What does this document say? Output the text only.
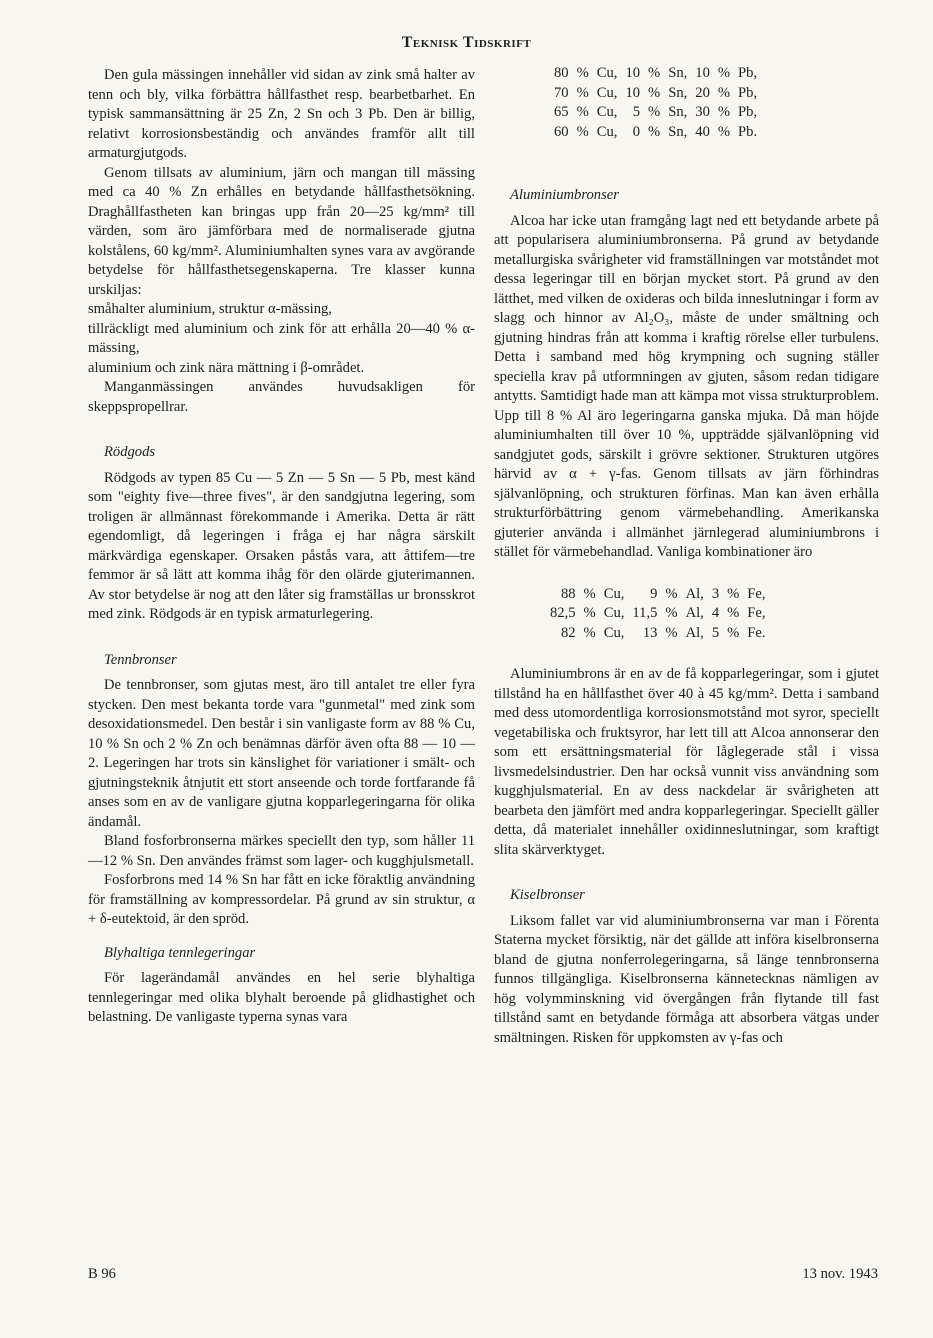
Teknisk Tidskrift

Den gula mässingen innehåller vid sidan av zink små halter av tenn och bly, vilka förbättra hållfasthet resp. bearbetbarhet. En typisk sammansättning är 25 Zn, 2 Sn och 3 Pb. Den är billig, relativt korrosionsbeständig och användes framför allt till armaturgjutgods.

Genom tillsats av aluminium, järn och mangan till mässing med ca 40 % Zn erhålles en betydande hållfasthetsökning. Draghållfastheten kan bringas upp från 20—25 kg/mm² till värden, som äro jämförbara med de normaliserade gjutna kolstålens, 60 kg/mm². Aluminiumhalten synes vara av avgörande betydelse för hållfasthetsegenskaperna. Tre klasser kunna urskiljas:

småhalter aluminium, struktur α-mässing,
tillräckligt med aluminium och zink för att erhålla 20—40 % α-mässing,
aluminium och zink nära mättning i β-området.

Manganmässingen användes huvudsakligen för skeppspropellrar.

Rödgods

Rödgods av typen 85 Cu — 5 Zn — 5 Sn — 5 Pb, mest känd som "eighty five—three fives", är den sandgjutna legering, som troligen är allmännast förekommande i Amerika. Detta är rätt egendomligt, då legeringen i fråga ej har några särskilt märkvärdiga egenskaper. Orsaken påstås vara, att åttifem—tre femmor är så lätt att komma ihåg för den olärde gjuterimannen. Av stor betydelse är nog att den låter sig framställas ur bronsskrot med zink. Rödgods är en typisk armaturlegering.

Tennbronser

De tennbronser, som gjutas mest, äro till antalet tre eller fyra stycken. Den mest bekanta torde vara "gunmetal" med zink som desoxidationsmedel. Den består i sin vanligaste form av 88 % Cu, 10 % Sn och 2 % Zn och benämnas därför även ofta 88 — 10 — 2. Legeringen har trots sin känslighet för variationer i smält- och gjutningsteknik åtnjutit ett stort anseende och torde fortfarande få anses som en av de vanligare gjutna kopparlegeringarna för olika ändamål.

Bland fosforbronserna märkes speciellt den typ, som håller 11—12 % Sn. Den användes främst som lager- och kugghjulsmetall.

Fosforbrons med 14 % Sn har fått en icke föraktlig användning för framställning av kompressordelar. På grund av sin struktur, α + δ-eutektoid, är den spröd.

Blyhaltiga tennlegeringar

För lagerändamål användes en hel serie blyhaltiga tennlegeringar med olika blyhalt beroende på glidhastighet och belastning. De vanligaste typerna synas vara

80	%	Cu,	10	%	Sn,	10	%	Pb,
70	%	Cu,	10	%	Sn,	20	%	Pb,
65	%	Cu,	5	%	Sn,	30	%	Pb,
60	%	Cu,	0	%	Sn,	40	%	Pb.
Aluminiumbronser

Alcoa har icke utan framgång lagt ned ett betydande arbete på att popularisera aluminiumbronserna. På grund av betydande metallurgiska svårigheter vid framställningen var motståndet mot dessa legeringar till en början mycket stort. På grund av den lätthet, med vilken de oxideras och bilda inneslutningar i form av slagg och hinnor av Al₂O₃, måste de under smältning och gjutning hindras från att komma i kraftig rörelse eller turbulens. Detta i samband med hög krympning och sugning ställer speciella krav på utformningen av gjuten, såsom redan tidigare antytts. Samtidigt hade man att kämpa mot vissa strukturproblem. Upp till 8 % Al äro legeringarna ganska mjuka. Då man höjde aluminiumhalten till över 10 %, uppträdde självanlöpning vid sandgjutet gods, särskilt i grövre sektioner. Strukturen utgöres härvid av α + γ-fas. Genom tillsats av järn förhindras självanlöpning, och strukturen förfinas. Man kan även erhålla strukturförbättring genom värmebehandling. Amerikanska gjuterier använda i allmänhet järnlegerad aluminiumbrons i stället för värmebehandlad. Vanliga kombinationer äro

88	%	Cu,	9	%	Al,	3	%	Fe,
82,5	%	Cu,	11,5	%	Al,	4	%	Fe,
82	%	Cu,	13	%	Al,	5	%	Fe.

Aluminiumbrons är en av de få kopparlegeringar, som i gjutet tillstånd ha en hållfasthet över 40 à 45 kg/mm². Detta i samband med dess utomordentliga korrosionsmotstånd mot syror, speciellt vegetabiliska och fruktsyror, har lett till att Alcoa annonserar den som ett ersättningsmaterial för låglegerade stål i vissa livsmedelsindustrier. Den har också vunnit viss användning som kugghjulsmaterial. En av dess nackdelar är svårigheten att bearbeta den jämfört med andra kopparlegeringar. Speciellt gäller detta, då materialet innehåller oxidinneslutningar, som kraftigt slita skärverktyget.

Kiselbronser

Liksom fallet var vid aluminiumbronserna var man i Förenta Staterna mycket försiktig, när det gällde att införa kiselbronserna bland de gjutna nonferrolegeringarna, så länge tennbronserna funnos tillgängliga. Kiselbronserna kännetecknas nämligen av hög volymminskning vid övergången från flytande till fast tillstånd samt en betydande förmåga att absorbera vätgas under smältningen. Risken för uppkomsten av γ-fas och

B 96	13 nov. 1943
